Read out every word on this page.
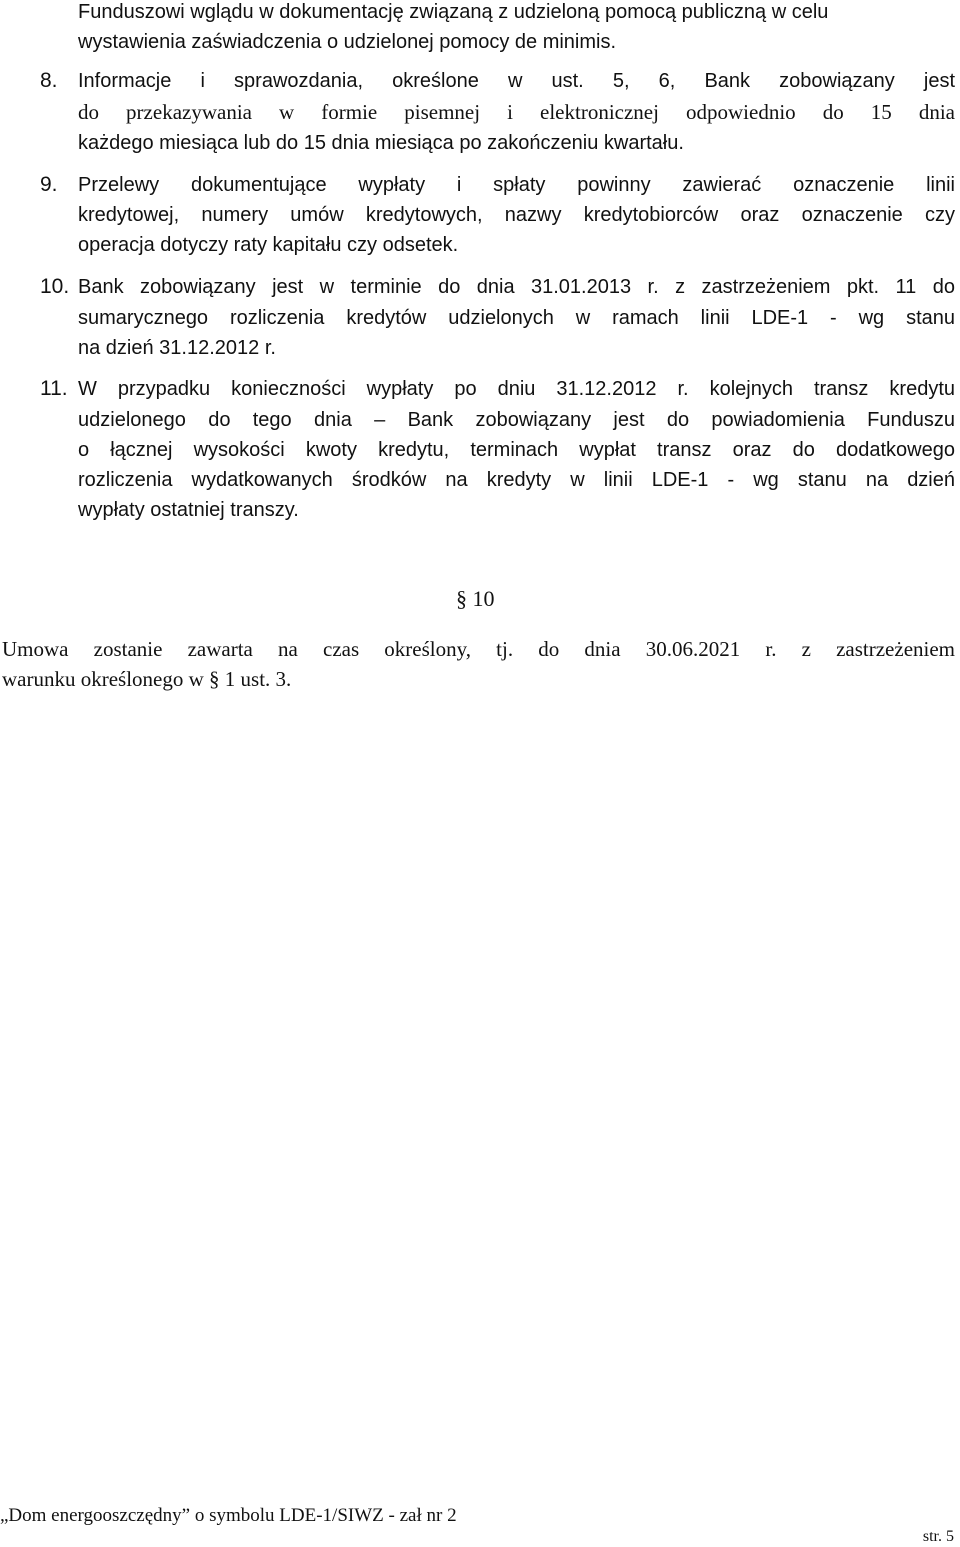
Funduszowi wglądu w dokumentację związaną z udzieloną pomocą publiczną w celu
wystawienia zaświadczenia o udzielonej pomocy de minimis.
8. Informacje i sprawozdania, określone w ust. 5, 6, Bank zobowiązany jest
do przekazywania w formie pisemnej i elektronicznej odpowiednio do 15 dnia
każdego miesiąca lub do 15 dnia miesiąca po zakończeniu kwartału.
9. Przelewy dokumentujące wypłaty i spłaty powinny zawierać oznaczenie linii
kredytowej, numery umów kredytowych, nazwy kredytobiorców oraz oznaczenie czy
operacja dotyczy raty kapitału czy odsetek.
10. Bank zobowiązany jest w terminie do dnia 31.01.2013 r. z zastrzeżeniem pkt. 11 do
sumarycznego rozliczenia kredytów udzielonych w ramach linii LDE-1 - wg stanu
na dzień 31.12.2012 r.
11. W przypadku konieczności wypłaty po dniu 31.12.2012 r. kolejnych transz kredytu
udzielonego do tego dnia – Bank zobowiązany jest do powiadomienia Funduszu
o łącznej wysokości kwoty kredytu, terminach wypłat transz oraz do dodatkowego
rozliczenia wydatkowanych środków na kredyty w linii LDE-1 - wg stanu na dzień
wypłaty ostatniej transzy.
§ 10
Umowa zostanie zawarta na czas określony, tj. do dnia 30.06.2021 r. z zastrzeżeniem
warunku określonego w § 1 ust. 3.
„Dom energooszczędny” o symbolu LDE-1/SIWZ - zał nr 2
str. 5
